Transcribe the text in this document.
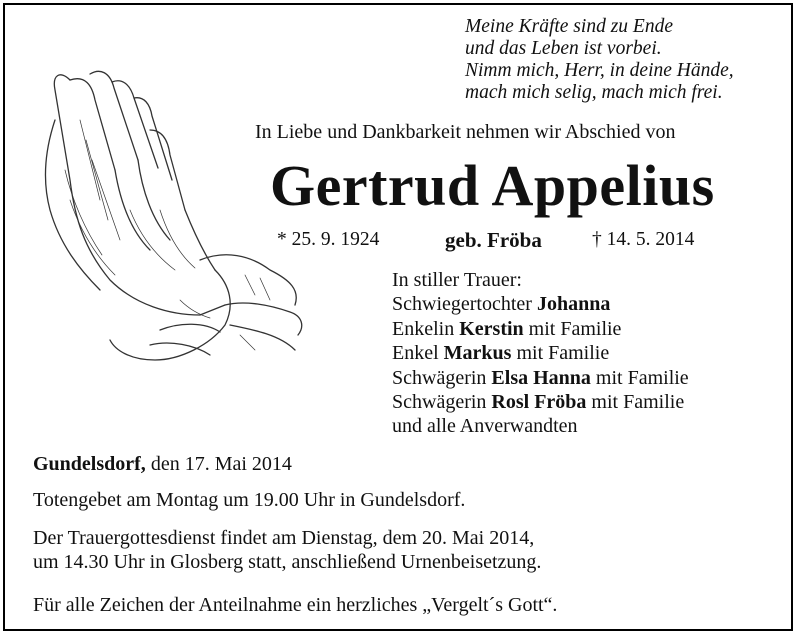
Meine Kräfte sind zu Ende
und das Leben ist vorbei.
Nimm mich, Herr, in deine Hände,
mach mich selig, mach mich frei.
In Liebe und Dankbarkeit nehmen wir Abschied von
Gertrud Appelius
* 25. 9. 1924	geb. Fröba	† 14. 5. 2014
In stiller Trauer:
Schwiegertochter Johanna
Enkelin Kerstin mit Familie
Enkel Markus mit Familie
Schwägerin Elsa Hanna mit Familie
Schwägerin Rosl Fröba mit Familie
und alle Anverwandten
Gundelsdorf, den 17. Mai 2014
Totengebet am Montag um 19.00 Uhr in Gundelsdorf.
Der Trauergottesdienst findet am Dienstag, dem 20. Mai 2014,
um 14.30 Uhr in Glosberg statt, anschließend Urnenbeisetzung.
Für alle Zeichen der Anteilnahme ein herzliches „Vergelt´s Gott“.
